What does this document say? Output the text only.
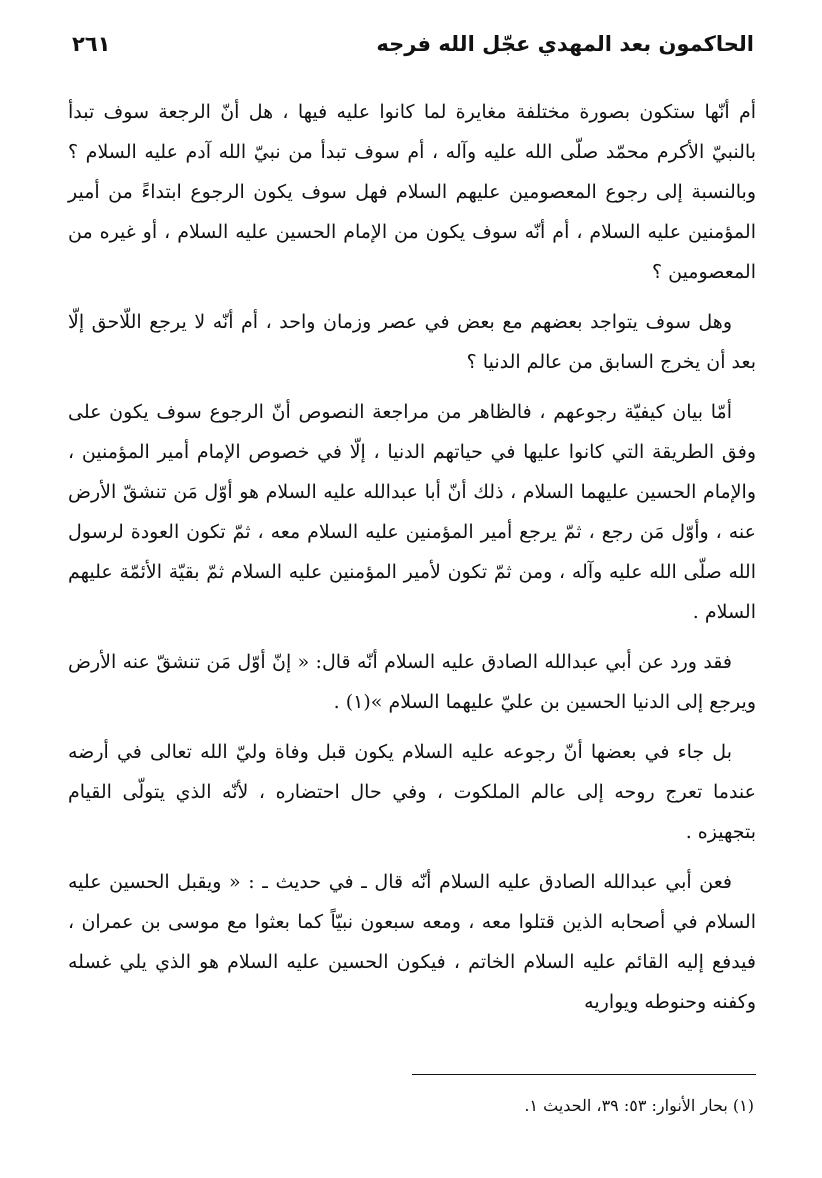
الحاكمون بعد المهدي عجّل الله فرجه
٢٦١

أم أنّها ستكون بصورة مختلفة مغايرة لما كانوا عليه فيها ، هل أنّ الرجعة سوف تبدأ بالنبيّ الأكرم محمّد صلّى الله عليه وآله ، أم سوف تبدأ من نبيّ الله آدم عليه السلام ؟ وبالنسبة إلى رجوع المعصومين عليهم السلام فهل سوف يكون الرجوع ابتداءً من أمير المؤمنين عليه السلام ، أم أنّه سوف يكون من الإمام الحسين عليه السلام ، أو غيره من المعصومين ؟

وهل سوف يتواجد بعضهم مع بعض في عصر وزمان واحد ، أم أنّه لا يرجع اللّاحق إلّا بعد أن يخرج السابق من عالم الدنيا ؟

أمّا بيان كيفيّة رجوعهم ، فالظاهر من مراجعة النصوص أنّ الرجوع سوف يكون على وفق الطريقة التي كانوا عليها في حياتهم الدنيا ، إلّا في خصوص الإمام أمير المؤمنين ، والإمام الحسين عليهما السلام ، ذلك أنّ أبا عبدالله عليه السلام هو أوّل مَن تنشقّ الأرض عنه ، وأوّل مَن رجع ، ثمّ يرجع أمير المؤمنين عليه السلام معه ، ثمّ تكون العودة لرسول الله صلّى الله عليه وآله ، ومن ثمّ تكون لأمير المؤمنين عليه السلام ثمّ بقيّة الأئمّة عليهم السلام .

فقد ورد عن أبي عبدالله الصادق عليه السلام أنّه قال: « إنّ أوّل مَن تنشقّ عنه الأرض ويرجع إلى الدنيا الحسين بن عليّ عليهما السلام »(١) .

بل جاء في بعضها أنّ رجوعه عليه السلام يكون قبل وفاة وليّ الله تعالى في أرضه عندما تعرج روحه إلى عالم الملكوت ، وفي حال احتضاره ، لأنّه الذي يتولّى القيام بتجهيزه .

فعن أبي عبدالله الصادق عليه السلام أنّه قال ـ في حديث ـ : « ويقبل الحسين عليه السلام في أصحابه الذين قتلوا معه ، ومعه سبعون نبيّاً كما بعثوا مع موسى بن عمران ، فيدفع إليه القائم عليه السلام الخاتم ، فيكون الحسين عليه السلام هو الذي يلي غسله وكفنه وحنوطه ويواريه

(١) بحار الأنوار: ٥٣: ٣٩، الحديث ١.
